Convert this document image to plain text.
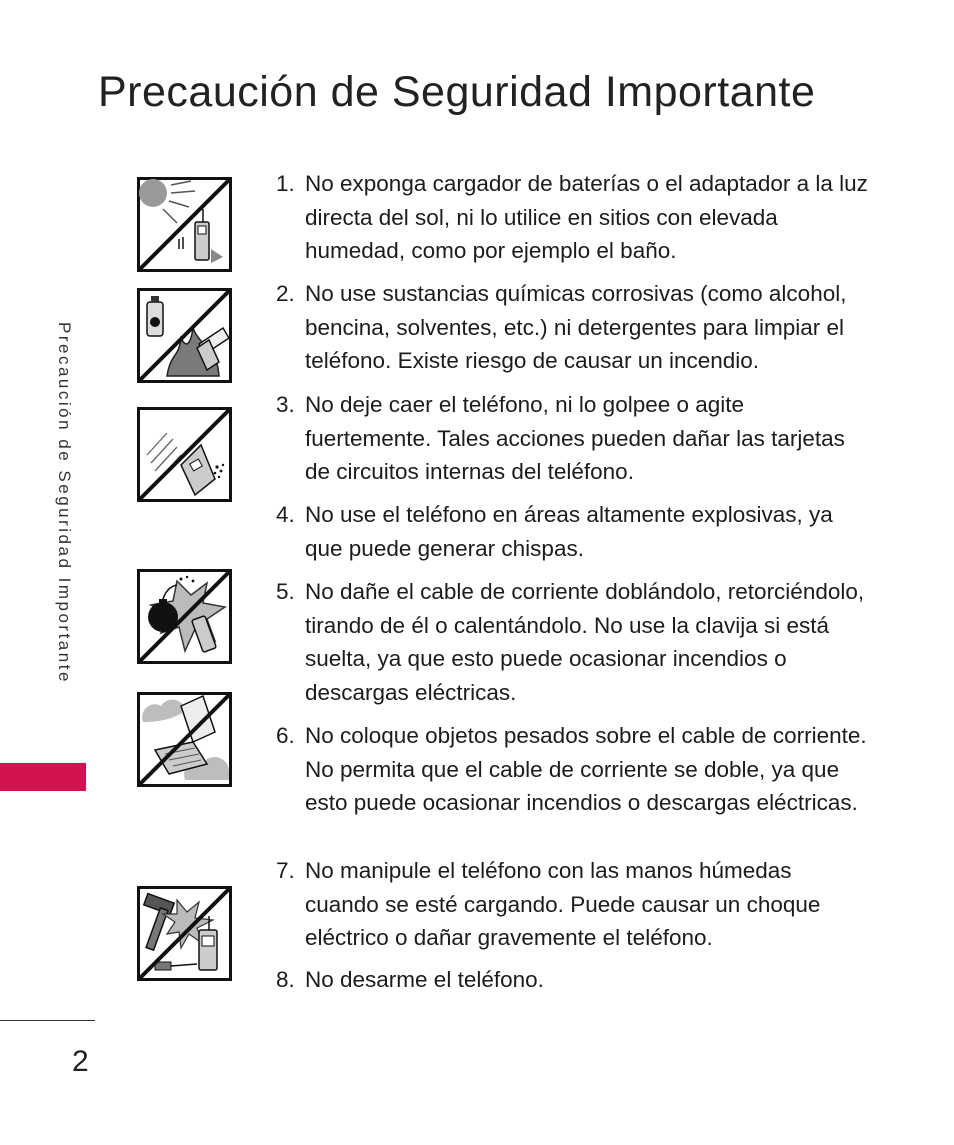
Precaución de Seguridad Importante
Precaución de Seguridad Importante
1. No exponga cargador de baterías o el adaptador a la luz directa del sol, ni lo utilice en sitios con elevada humedad, como por ejemplo el baño.
2. No use sustancias químicas corrosivas (como alcohol, bencina, solventes, etc.) ni detergentes para limpiar el teléfono. Existe riesgo de causar un incendio.
3. No deje caer el teléfono, ni lo golpee o agite fuertemente. Tales acciones pueden dañar las tarjetas de circuitos internas del teléfono.
4. No use el teléfono en áreas altamente explosivas, ya que puede generar chispas.
5. No dañe el cable de corriente doblándolo, retorciéndolo, tirando de él o calentándolo. No use la clavija si está suelta, ya que esto puede ocasionar incendios o descargas eléctricas.
6. No coloque objetos pesados sobre el cable de corriente. No permita que el cable de corriente se doble, ya que esto puede ocasionar incendios o descargas eléctricas.
7. No manipule el teléfono con las manos húmedas cuando se esté cargando. Puede causar un choque eléctrico o dañar gravemente el teléfono.
8. No desarme el teléfono.
2
